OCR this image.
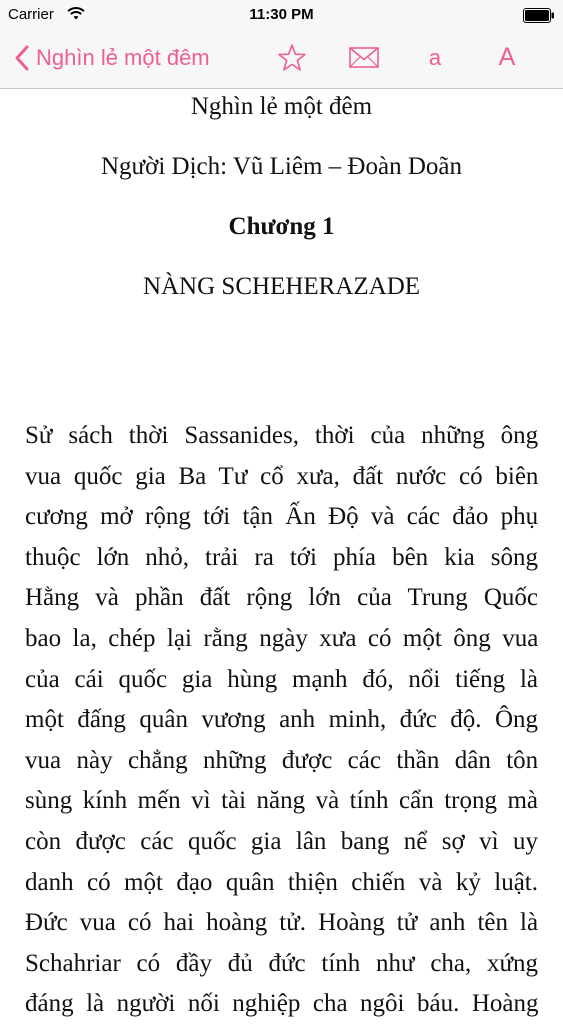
Carrier	11:30 PM
Nghìn lẻ một đêm	a A

Nghìn lẻ một đêm

Người Dịch: Vũ Liêm – Đoàn Doãn

Chương 1

NÀNG SCHEHERAZADE

Sử sách thời Sassanides, thời của những ông
vua quốc gia Ba Tư cổ xưa, đất nước có biên
cương mở rộng tới tận Ấn Độ và các đảo phụ
thuộc lớn nhỏ, trải ra tới phía bên kia sông
Hằng và phần đất rộng lớn của Trung Quốc
bao la, chép lại rằng ngày xưa có một ông vua
của cái quốc gia hùng mạnh đó, nổi tiếng là
một đấng quân vương anh minh, đức độ. Ông
vua này chẳng những được các thần dân tôn
sùng kính mến vì tài năng và tính cẩn trọng mà
còn được các quốc gia lân bang nể sợ vì uy
danh có một đạo quân thiện chiến và kỷ luật.
Đức vua có hai hoàng tử. Hoàng tử anh tên là
Schahriar có đầy đủ đức tính như cha, xứng
đáng là người nối nghiệp cha ngôi báu. Hoàng
